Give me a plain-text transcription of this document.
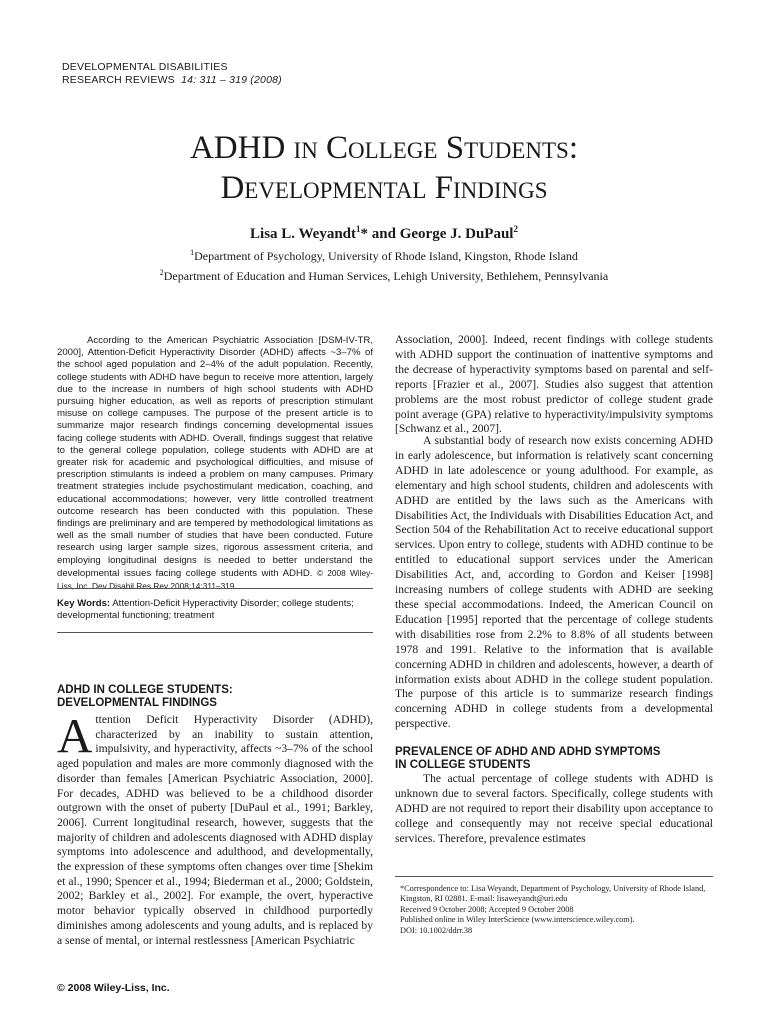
DEVELOPMENTAL DISABILITIES
RESEARCH REVIEWS 14: 311 – 319 (2008)
ADHD in College Students:
Developmental Findings
Lisa L. Weyandt$^1$* and George J. DuPaul$^2$
$^1$Department of Psychology, University of Rhode Island, Kingston, Rhode Island
$^2$Department of Education and Human Services, Lehigh University, Bethlehem, Pennsylvania

According to the American Psychiatric Association [DSM-IV-TR, 2000], Attention-Deficit Hyperactivity Disorder (ADHD) affects ~3–7% of the school aged population and 2–4% of the adult population. Recently, college students with ADHD have begun to receive more attention, largely due to the increase in numbers of high school students with ADHD pursuing higher education, as well as reports of prescription stimulant misuse on college campuses. The purpose of the present article is to summarize major research findings concerning developmental issues facing college students with ADHD. Overall, findings suggest that relative to the general college population, college students with ADHD are at greater risk for academic and psychological difficulties, and misuse of prescription stimulants is indeed a problem on many campuses. Primary treatment strategies include psychostimulant medication, coaching, and educational accommodations; however, very little controlled treatment outcome research has been conducted with this population. These findings are preliminary and are tempered by methodological limitations as well as the small number of studies that have been conducted. Future research using larger sample sizes, rigorous assessment criteria, and employing longitudinal designs is needed to better understand the developmental issues facing college students with ADHD. © 2008 Wiley-Liss, Inc. Dev Disabil Res Rev 2008;14:311–319.

Key Words: Attention-Deficit Hyperactivity Disorder; college students; developmental functioning; treatment

ADHD IN COLLEGE STUDENTS:
DEVELOPMENTAL FINDINGS

Attention Deficit Hyperactivity Disorder (ADHD), characterized by an inability to sustain attention, impulsivity, and hyperactivity, affects ~3–7% of the school aged population and males are more commonly diagnosed with the disorder than females [American Psychiatric Association, 2000]. For decades, ADHD was believed to be a childhood disorder outgrown with the onset of puberty [DuPaul et al., 1991; Barkley, 2006]. Current longitudinal research, however, suggests that the majority of children and adolescents diagnosed with ADHD display symptoms into adolescence and adulthood, and developmentally, the expression of these symptoms often changes over time [Shekim et al., 1990; Spencer et al., 1994; Biederman et al., 2000; Goldstein, 2002; Barkley et al., 2002]. For example, the overt, hyperactive motor behavior typically observed in childhood purportedly diminishes among adolescents and young adults, and is replaced by a sense of mental, or internal restlessness [American Psychiatric

Association, 2000]. Indeed, recent findings with college students with ADHD support the continuation of inattentive symptoms and the decrease of hyperactivity symptoms based on parental and self-reports [Frazier et al., 2007]. Studies also suggest that attention problems are the most robust predictor of college student grade point average (GPA) relative to hyperactivity/impulsivity symptoms [Schwanz et al., 2007].

A substantial body of research now exists concerning ADHD in early adolescence, but information is relatively scant concerning ADHD in late adolescence or young adulthood. For example, as elementary and high school students, children and adolescents with ADHD are entitled by the laws such as the Americans with Disabilities Act, the Individuals with Disabilities Education Act, and Section 504 of the Rehabilitation Act to receive educational support services. Upon entry to college, students with ADHD continue to be entitled to educational support services under the American Disabilities Act, and, according to Gordon and Keiser [1998] increasing numbers of college students with ADHD are seeking these special accommodations. Indeed, the American Council on Education [1995] reported that the percentage of college students with disabilities rose from 2.2% to 8.8% of all students between 1978 and 1991. Relative to the information that is available concerning ADHD in children and adolescents, however, a dearth of information exists about ADHD in the college student population. The purpose of this article is to summarize research findings concerning ADHD in college students from a developmental perspective.

PREVALENCE OF ADHD AND ADHD SYMPTOMS
IN COLLEGE STUDENTS

The actual percentage of college students with ADHD is unknown due to several factors. Specifically, college students with ADHD are not required to report their disability upon acceptance to college and consequently may not receive special educational services. Therefore, prevalence estimates

*Correspondence to: Lisa Weyandt, Department of Psychology, University of Rhode Island, Kingston, RI 02881. E-mail: lisaweyandt@uri.edu
Received 9 October 2008; Accepted 9 October 2008
Published online in Wiley InterScience (www.interscience.wiley.com).
DOI: 10.1002/ddrr.38
© 2008 Wiley-Liss, Inc.
